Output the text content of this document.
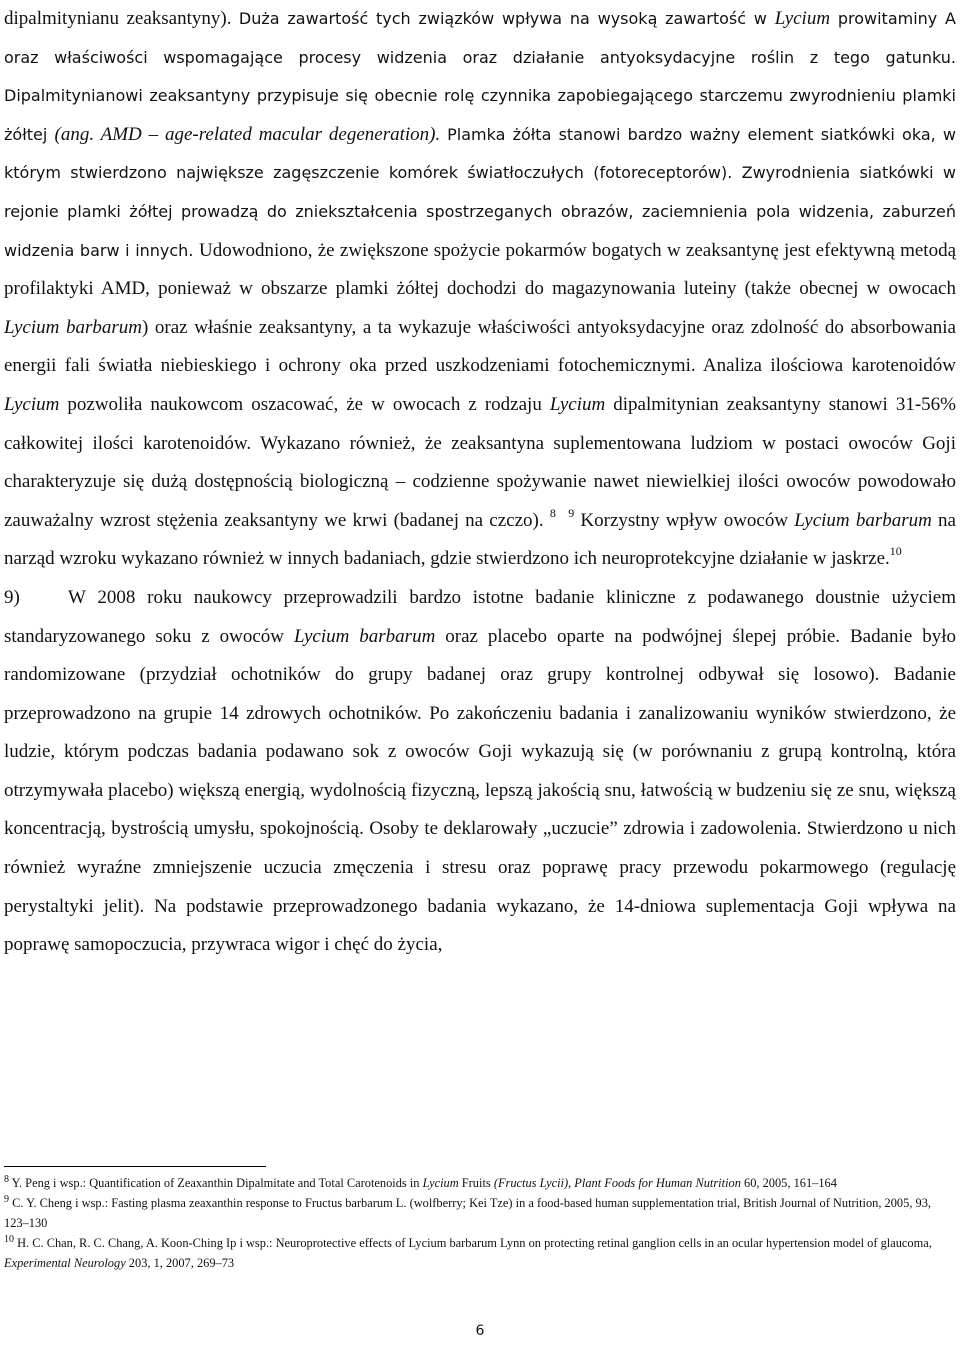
dipalmitynianu zeaksantyny). Duża zawartość tych związków wpływa na wysoką zawartość w Lycium prowitaminy A oraz właściwości wspomagające procesy widzenia oraz działanie antyoksydacyjne roślin z tego gatunku. Dipalmitynianowi zeaksantyny przypisuje się obecnie rolę czynnika zapobiegającego starczemu zwyrodnieniu plamki żółtej (ang. AMD – age-related macular degeneration). Plamka żółta stanowi bardzo ważny element siatkówki oka, w którym stwierdzono największe zagęszczenie komórek światłoczułych (fotoreceptorów). Zwyrodnienia siatkówki w rejonie plamki żółtej prowadzą do zniekształcenia spostrzeganych obrazów, zaciemnienia pola widzenia, zaburzeń widzenia barw i innych. Udowodniono, że zwiększone spożycie pokarmów bogatych w zeaksantynę jest efektywną metodą profilaktyki AMD, ponieważ w obszarze plamki żółtej dochodzi do magazynowania luteiny (także obecnej w owocach Lycium barbarum) oraz właśnie zeaksantyny, a ta wykazuje właściwości antyoksydacyjne oraz zdolność do absorbowania energii fali światła niebieskiego i ochrony oka przed uszkodzeniami fotochemicznymi. Analiza ilościowa karotenoidów Lycium pozwoliła naukowcom oszacować, że w owocach z rodzaju Lycium dipalmitynian zeaksantyny stanowi 31-56% całkowitej ilości karotenoidów. Wykazano również, że zeaksantyna suplementowana ludziom w postaci owoców Goji charakteryzuje się dużą dostępnością biologiczną – codzienne spożywanie nawet niewielkiej ilości owoców powodowało zauważalny wzrost stężenia zeaksantyny we krwi (badanej na czczo). $^8$ $^9$ Korzystny wpływ owoców Lycium barbarum na narząd wzroku wykazano również w innych badaniach, gdzie stwierdzono ich neuroprotekcyjne działanie w jaskrze.$^{10}$

9)	W 2008 roku naukowcy przeprowadzili bardzo istotne badanie kliniczne z podawanego doustnie użyciem standaryzowanego soku z owoców Lycium barbarum oraz placebo oparte na podwójnej ślepej próbie. Badanie było randomizowane (przydział ochotników do grupy badanej oraz grupy kontrolnej odbywał się losowo). Badanie przeprowadzono na grupie 14 zdrowych ochotników. Po zakończeniu badania i zanalizowaniu wyników stwierdzono, że ludzie, którym podczas badania podawano sok z owoców Goji wykazują się (w porównaniu z grupą kontrolną, która otrzymywała placebo) większą energią, wydolnością fizyczną, lepszą jakością snu, łatwością w budzeniu się ze snu, większą koncentracją, bystrością umysłu, spokojnością. Osoby te deklarowały „uczucie” zdrowia i zadowolenia. Stwierdzono u nich również wyraźne zmniejszenie uczucia zmęczenia i stresu oraz poprawę pracy przewodu pokarmowego (regulację perystaltyki jelit). Na podstawie przeprowadzonego badania wykazano, że 14-dniowa suplementacja Goji wpływa na poprawę samopoczucia, przywraca wigor i chęć do życia,

$^8$ Y. Peng i wsp.: Quantification of Zeaxanthin Dipalmitate and Total Carotenoids in Lycium Fruits (Fructus Lycii), Plant Foods for Human Nutrition 60, 2005, 161–164

$^9$ C. Y. Cheng i wsp.: Fasting plasma zeaxanthin response to Fructus barbarum L. (wolfberry; Kei Tze) in a food-based human supplementation trial, British Journal of Nutrition, 2005, 93, 123–130

$^{10}$ H. C. Chan, R. C. Chang, A. Koon-Ching Ip i wsp.: Neuroprotective effects of Lycium barbarum Lynn on protecting retinal ganglion cells in an ocular hypertension model of glaucoma, Experimental Neurology 203, 1, 2007, 269–73

6
